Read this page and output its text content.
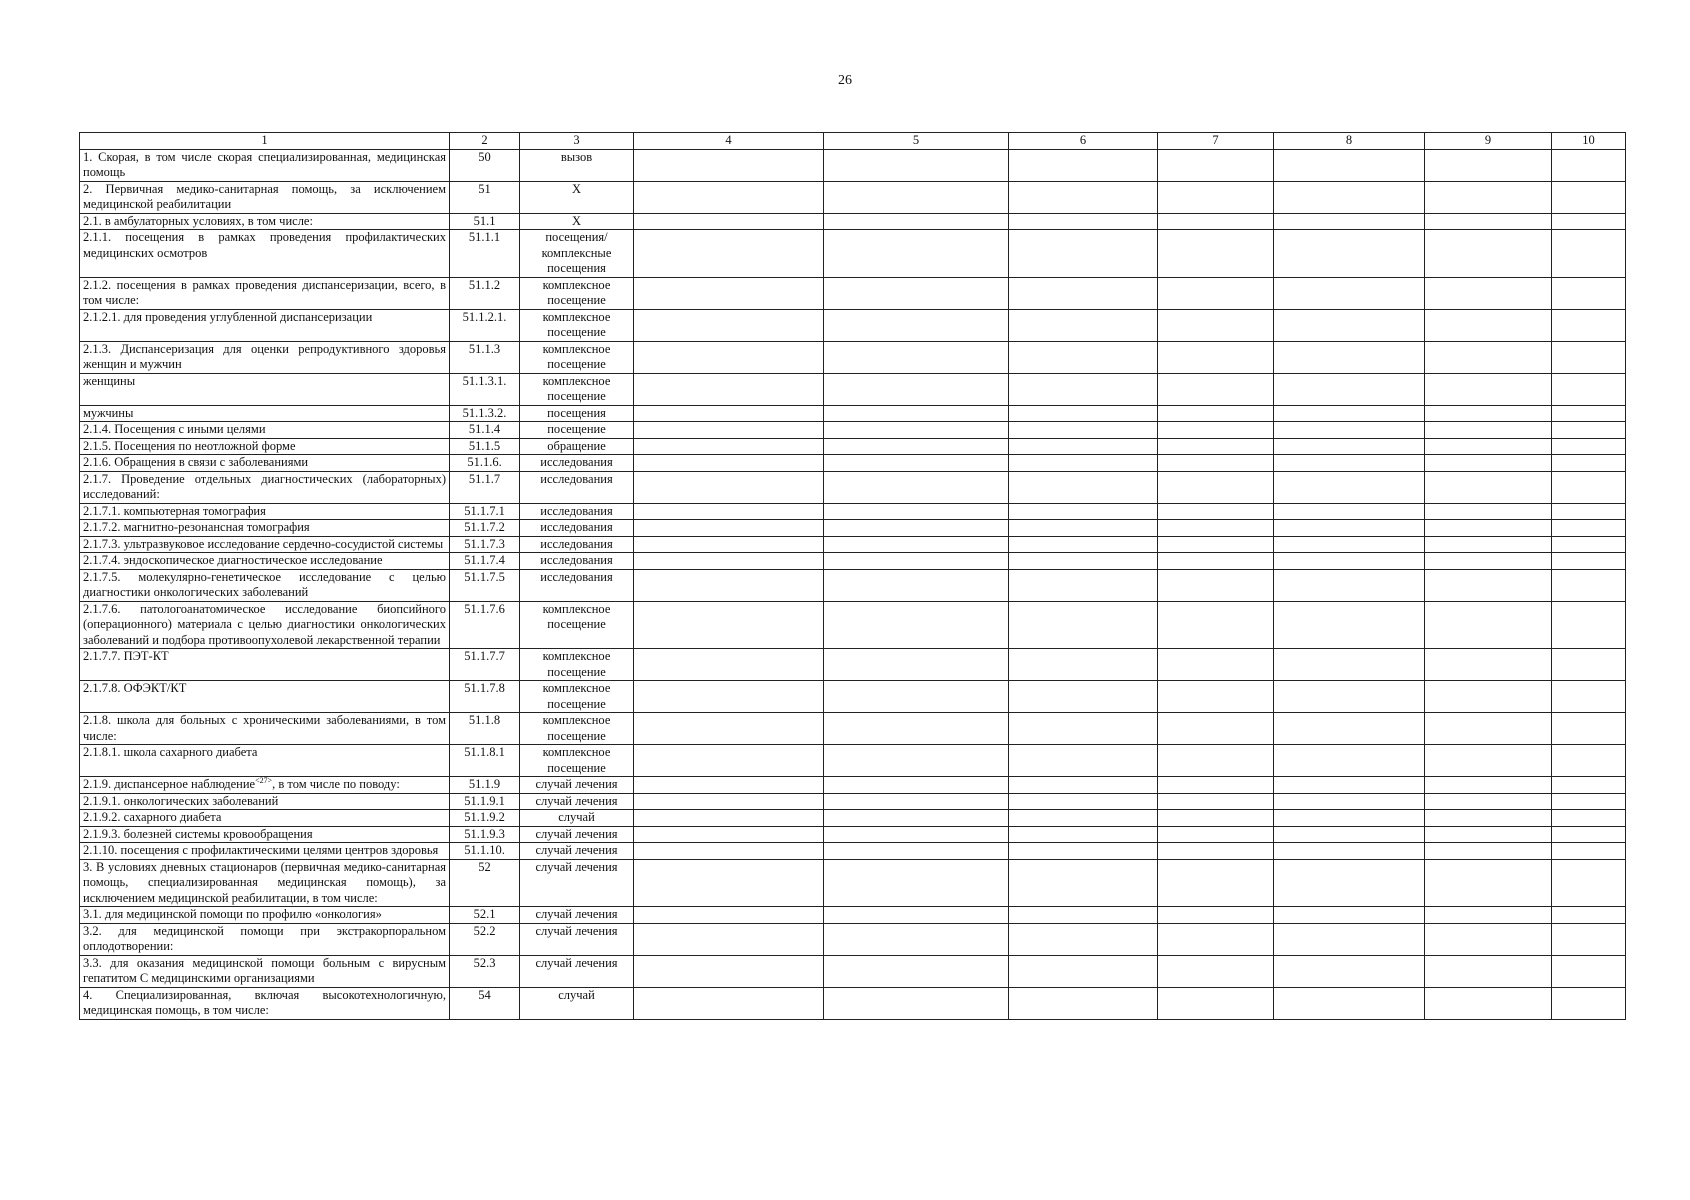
26
1	2	3	4	5	6	7	8	9	10
1. Скорая, в том числе скорая специализированная, медицинская помощь	50	вызов							
2. Первичная медико-санитарная помощь, за исключением медицинской реабилитации	51	X							
2.1. в амбулаторных условиях, в том числе:	51.1	X							
2.1.1. посещения в рамках проведения профилактических медицинских осмотров	51.1.1	посещения/ комплексные посещения							
2.1.2. посещения в рамках проведения диспансеризации, всего, в том числе:	51.1.2	комплексное посещение							
2.1.2.1. для проведения углубленной диспансеризации	51.1.2.1.	комплексное посещение							
2.1.3. Диспансеризация для оценки репродуктивного здоровья женщин и мужчин	51.1.3	комплексное посещение							
женщины	51.1.3.1.	комплексное посещение							
мужчины	51.1.3.2.	посещения							
2.1.4. Посещения с иными целями	51.1.4	посещение							
2.1.5. Посещения по неотложной форме	51.1.5	обращение							
2.1.6. Обращения в связи с заболеваниями	51.1.6.	исследования							
2.1.7. Проведение отдельных диагностических (лабораторных) исследований:	51.1.7	исследования							
2.1.7.1. компьютерная томография	51.1.7.1	исследования							
2.1.7.2. магнитно-резонансная томография	51.1.7.2	исследования							
2.1.7.3. ультразвуковое исследование сердечно-сосудистой системы	51.1.7.3	исследования							
2.1.7.4. эндоскопическое диагностическое исследование	51.1.7.4	исследования							
2.1.7.5. молекулярно-генетическое исследование с целью диагностики онкологических заболеваний	51.1.7.5	исследования							
2.1.7.6. патологоанатомическое исследование биопсийного (операционного) материала с целью диагностики онкологических заболеваний и подбора противоопухолевой лекарственной терапии	51.1.7.6	комплексное посещение							
2.1.7.7. ПЭТ-КТ	51.1.7.7	комплексное посещение							
2.1.7.8. ОФЭКТ/КТ	51.1.7.8	комплексное посещение							
2.1.8. школа для больных с хроническими заболеваниями, в том числе:	51.1.8	комплексное посещение							
2.1.8.1. школа сахарного диабета	51.1.8.1	комплексное посещение							
2.1.9. диспансерное наблюдение$^{<27>}$, в том числе по поводу:	51.1.9	случай лечения							
2.1.9.1. онкологических заболеваний	51.1.9.1	случай лечения							
2.1.9.2. сахарного диабета	51.1.9.2	случай							
2.1.9.3. болезней системы кровообращения	51.1.9.3	случай лечения							
2.1.10. посещения с профилактическими целями центров здоровья	51.1.10.	случай лечения							
3. В условиях дневных стационаров (первичная медико-санитарная помощь, специализированная медицинская помощь), за исключением медицинской реабилитации, в том числе:	52	случай лечения							
3.1. для медицинской помощи по профилю «онкология»	52.1	случай лечения							
3.2. для медицинской помощи при экстракорпоральном оплодотворении:	52.2	случай лечения							
3.3. для оказания медицинской помощи больным с вирусным гепатитом С медицинскими организациями	52.3	случай лечения							
4. Специализированная, включая высокотехнологичную, медицинская помощь, в том числе:	54	случай							
